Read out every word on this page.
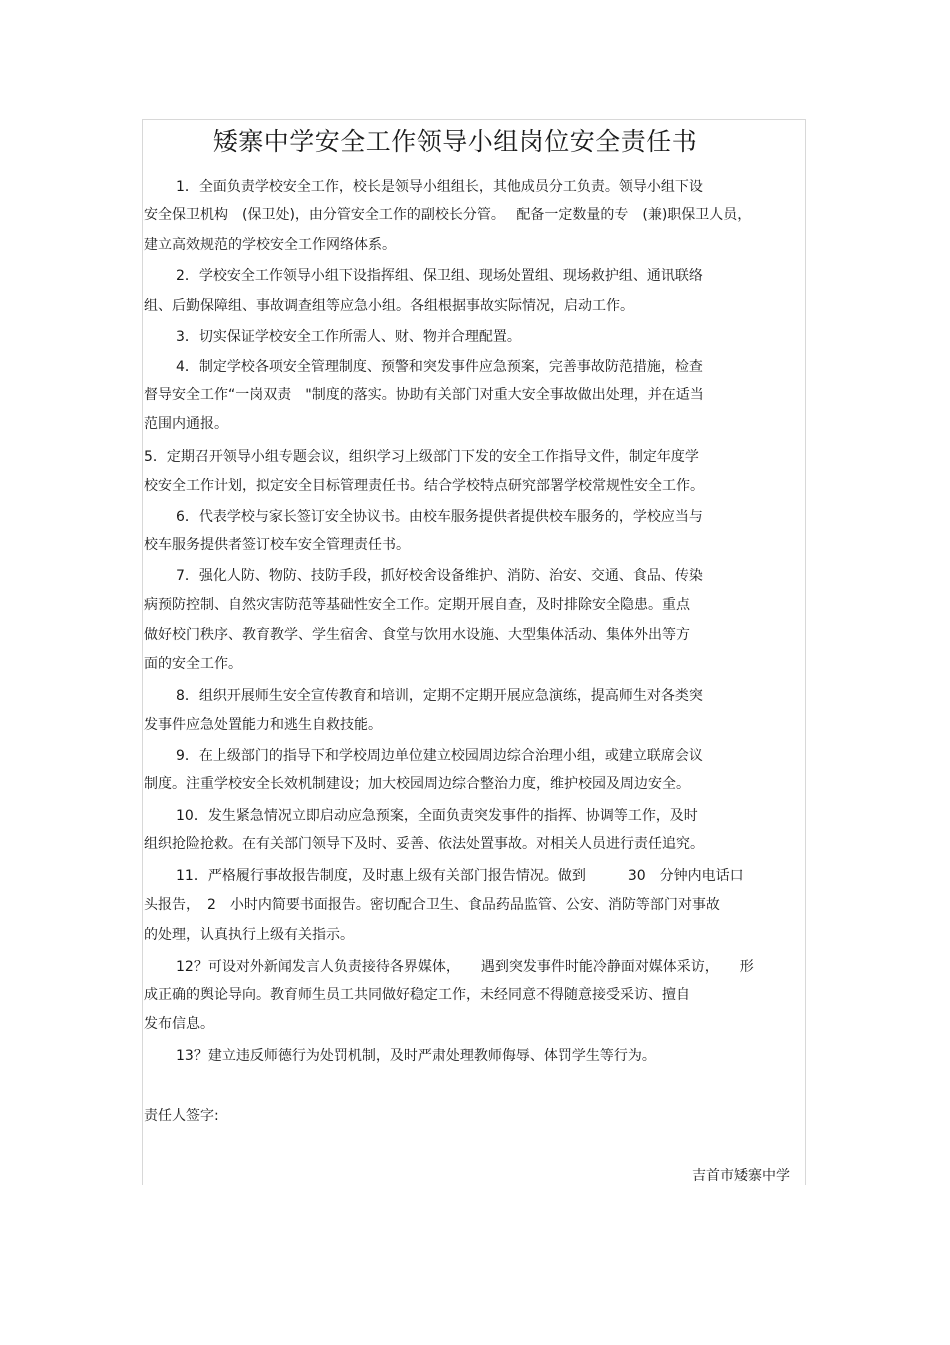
矮寨中学安全工作领导小组岗位安全责任书

1．全面负责学校安全工作，校长是领导小组组长，其他成员分工负责。领导小组下设

安全保卫机构　(保卫处)，由分管安全工作的副校长分管。　 配备一定数量的专　(兼)职保卫人员，

建立高效规范的学校安全工作网络体系。

2．学校安全工作领导小组下设指挥组、保卫组、现场处置组、现场救护组、通讯联络

组、后勤保障组、事故调查组等应急小组。各组根据事故实际情况，启动工作。

3．切实保证学校安全工作所需人、财、物并合理配置。

4．制定学校各项安全管理制度、预警和突发事件应急预案，完善事故防范措施，检查

督导安全工作“一岗双责　"制度的落实。协助有关部门对重大安全事故做出处理，并在适当

范围内通报。

5．定期召开领导小组专题会议，组织学习上级部门下发的安全工作指导文件，制定年度学

校安全工作计划，拟定安全目标管理责任书。结合学校特点研究部署学校常规性安全工作。

6．代表学校与家长签订安全协议书。由校车服务提供者提供校车服务的，学校应当与

校车服务提供者签订校车安全管理责任书。

7．强化人防、物防、技防手段，抓好校舍设备维护、消防、治安、交通、食品、传染

病预防控制、自然灾害防范等基础性安全工作。定期开展自查，及时排除安全隐患。重点

做好校门秩序、教育教学、学生宿舍、食堂与饮用水设施、大型集体活动、集体外出等方

面的安全工作。

8．组织开展师生安全宣传教育和培训，定期不定期开展应急演练，提高师生对各类突

发事件应急处置能力和逃生自救技能。

9．在上级部门的指导下和学校周边单位建立校园周边综合治理小组，或建立联席会议

制度。注重学校安全长效机制建设；加大校园周边综合整治力度，维护校园及周边安全。

10．发生紧急情况立即启动应急预案，全面负责突发事件的指挥、协调等工作，及时

组织抢险抢救。在有关部门领导下及时、妥善、依法处置事故。对相关人员进行责任追究。

11．严格履行事故报告制度，及时惠上级有关部门报告情况。做到　　　30　分钟内电话口

头报告，　2　小时内简要书面报告。密切配合卫生、食品药品监管、公安、消防等部门对事故

的处理，认真执行上级有关指示。

12？可设对外新闻发言人负责接待各界媒体，　　遇到突发事件时能冷静面对媒体采访，　　形

成正确的舆论导向。教育师生员工共同做好稳定工作，未经同意不得随意接受采访、擅自

发布信息。

13？建立违反师德行为处罚机制，及时严肃处理教师侮辱、体罚学生等行为。

责任人签字:
吉首市矮寨中学
